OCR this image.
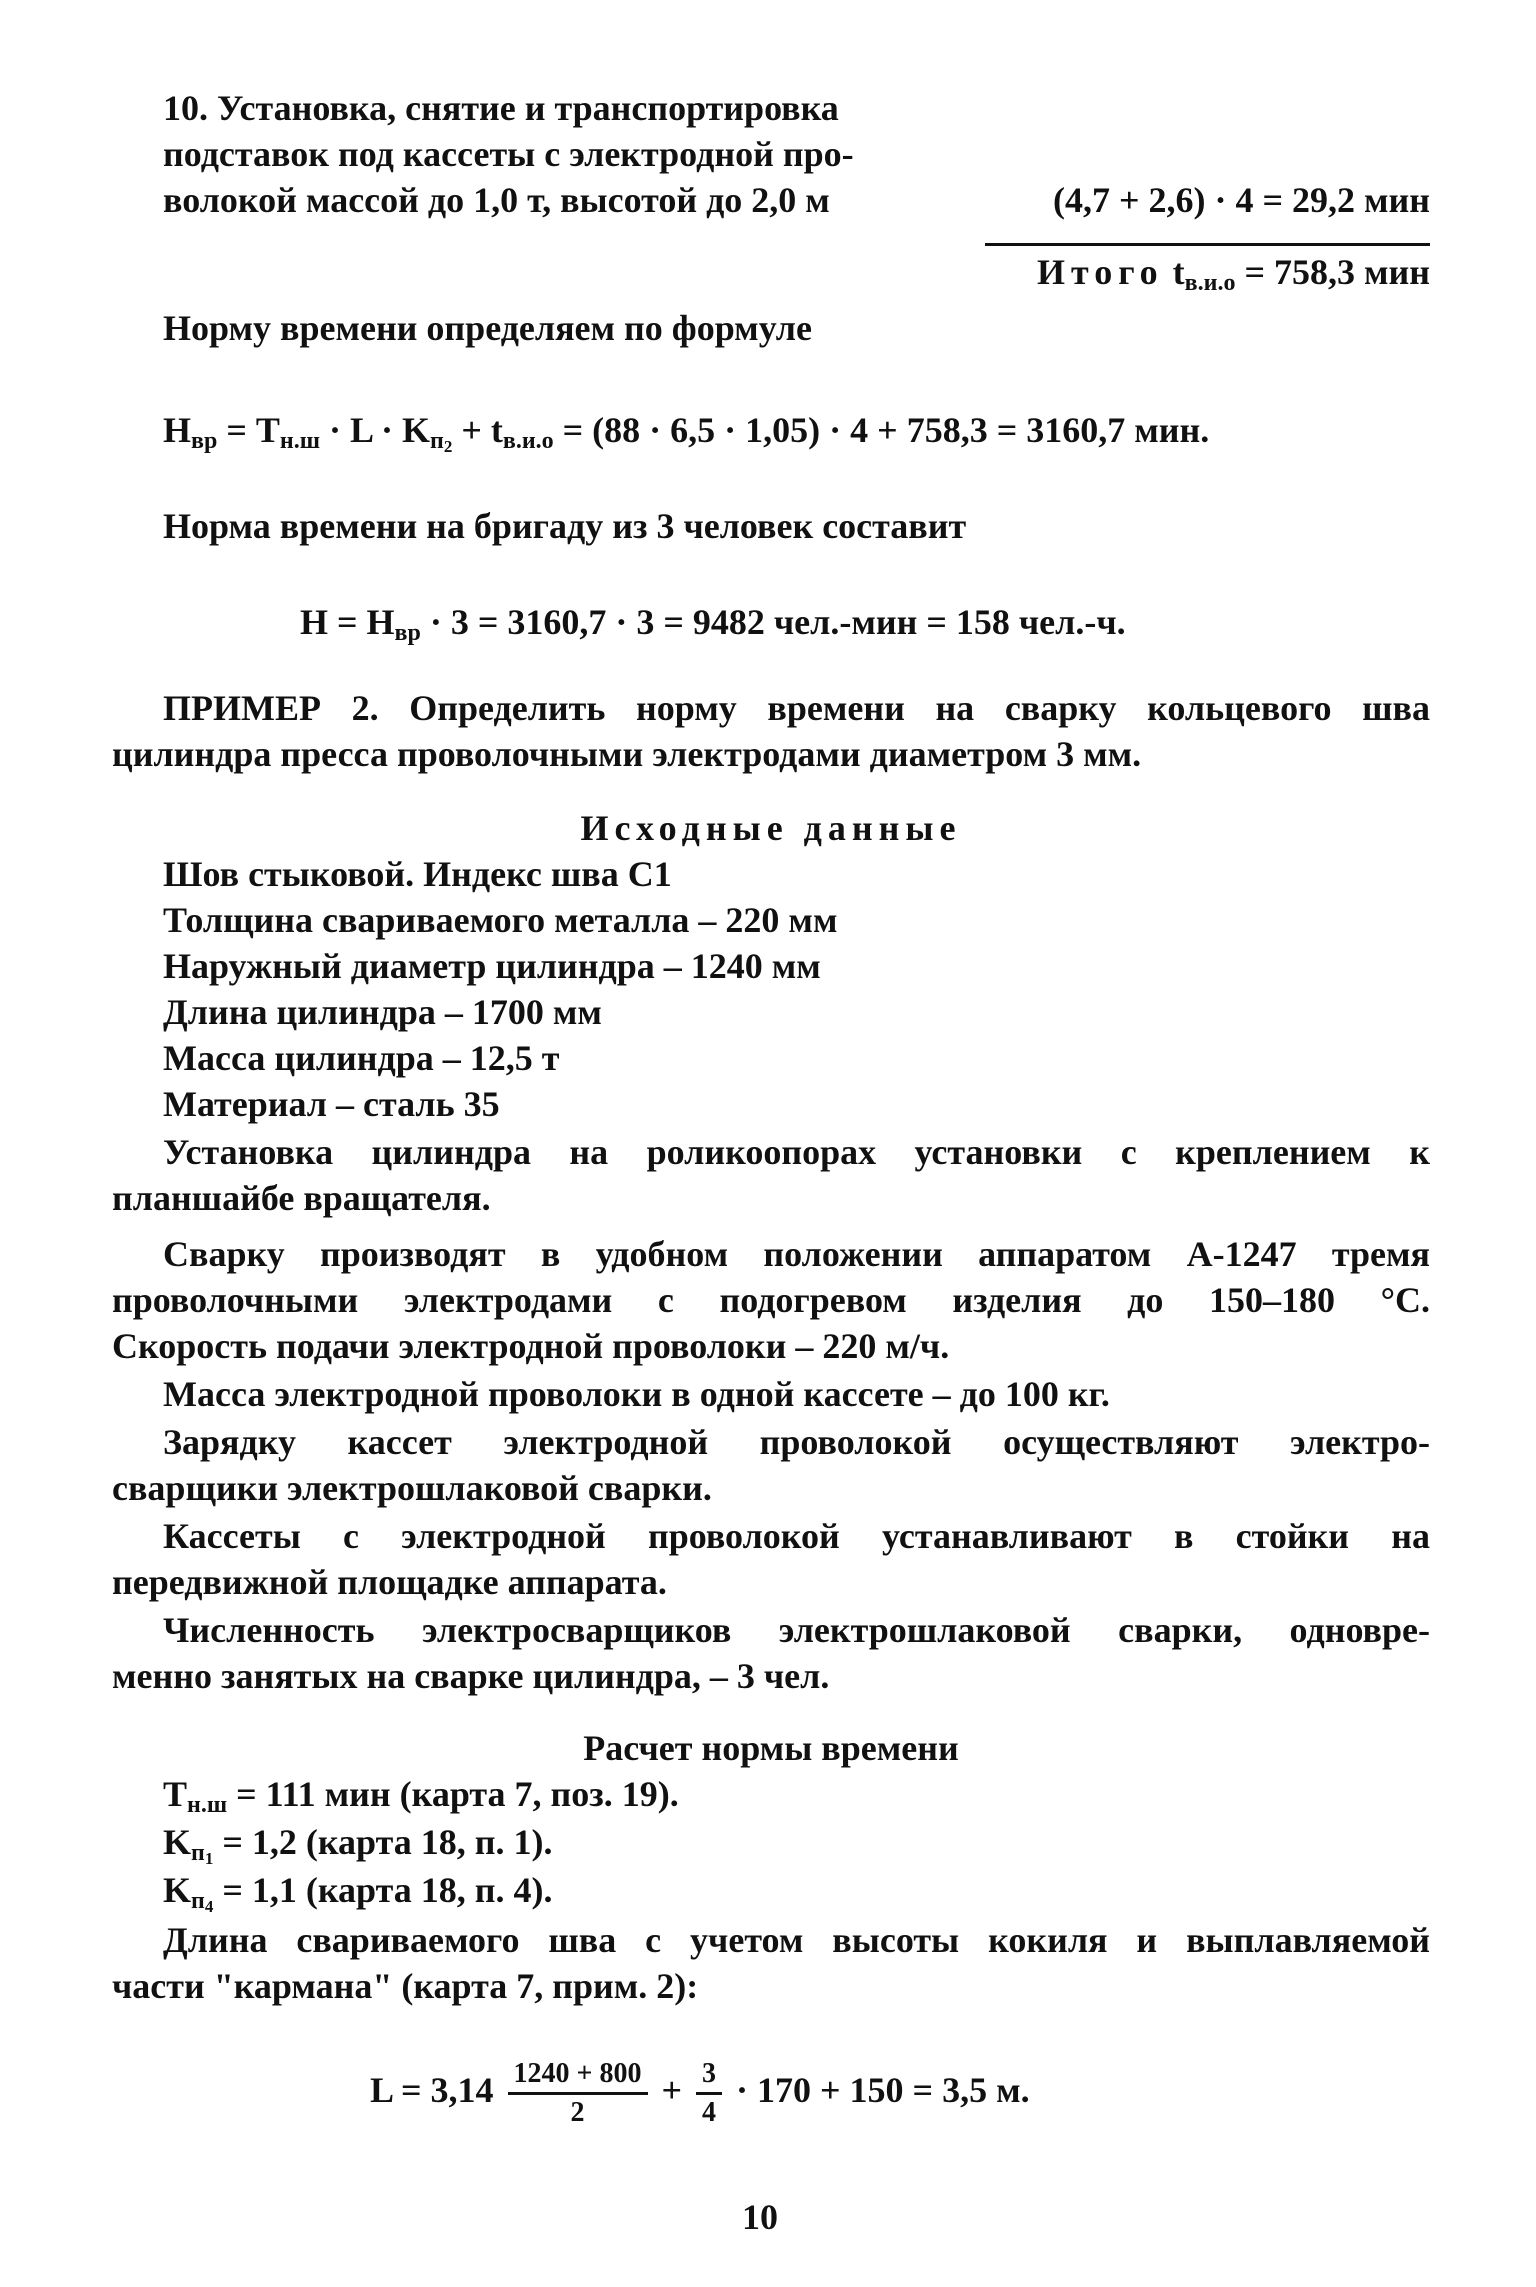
10. Установка, снятие и транспортировка
подставок под кассеты с электродной про-
волокой массой до 1,0 т, высотой до 2,0 м	(4,7 + 2,6) · 4 = 29,2 мин
Итого $t_{в.и.о} = 758,3$ мин
Норму времени определяем по формуле
$Н_{вр} = T_{н.ш} \cdot L \cdot K_{п_2} + t_{в.и.о} = (88 \cdot 6,5 \cdot 1,05) \cdot 4 + 758,3 = 3160,7$ мин.
Норма времени на бригаду из 3 человек составит
$Н = Н_{вр} \cdot 3 = 3160,7 \cdot 3 = 9482$ чел.-мин = 158 чел.-ч.
ПРИМЕР 2. Определить норму времени на сварку кольцевого шва
цилиндра пресса проволочными электродами диаметром 3 мм.
Исходные данные
Шов стыковой. Индекс шва С1
Толщина свариваемого металла – 220 мм
Наружный диаметр цилиндра – 1240 мм
Длина цилиндра – 1700 мм
Масса цилиндра – 12,5 т
Материал – сталь 35
Установка цилиндра на роликоопорах установки с креплением к
планшайбе вращателя.
Сварку производят в удобном положении аппаратом А-1247 тремя
проволочными электродами с подогревом изделия до 150–180 °С.
Скорость подачи электродной проволоки – 220 м/ч.
Масса электродной проволоки в одной кассете – до 100 кг.
Зарядку кассет электродной проволокой осуществляют электро-
сварщики электрошлаковой сварки.
Кассеты с электродной проволокой устанавливают в стойки на
передвижной площадке аппарата.
Численность электросварщиков электрошлаковой сварки, одновре-
менно занятых на сварке цилиндра, – 3 чел.
Расчет нормы времени
$T_{н.ш} = 111$ мин (карта 7, поз. 19).
$K_{п_1} = 1,2$ (карта 18, п. 1).
$K_{п_4} = 1,1$ (карта 18, п. 4).
Длина свариваемого шва с учетом высоты кокиля и выплавляемой
части "кармана" (карта 7, прим. 2):
$L = 3,14 \frac{1240 + 800}{2} + \frac{3}{4} \cdot 170 + 150 = 3,5$ м.
10
